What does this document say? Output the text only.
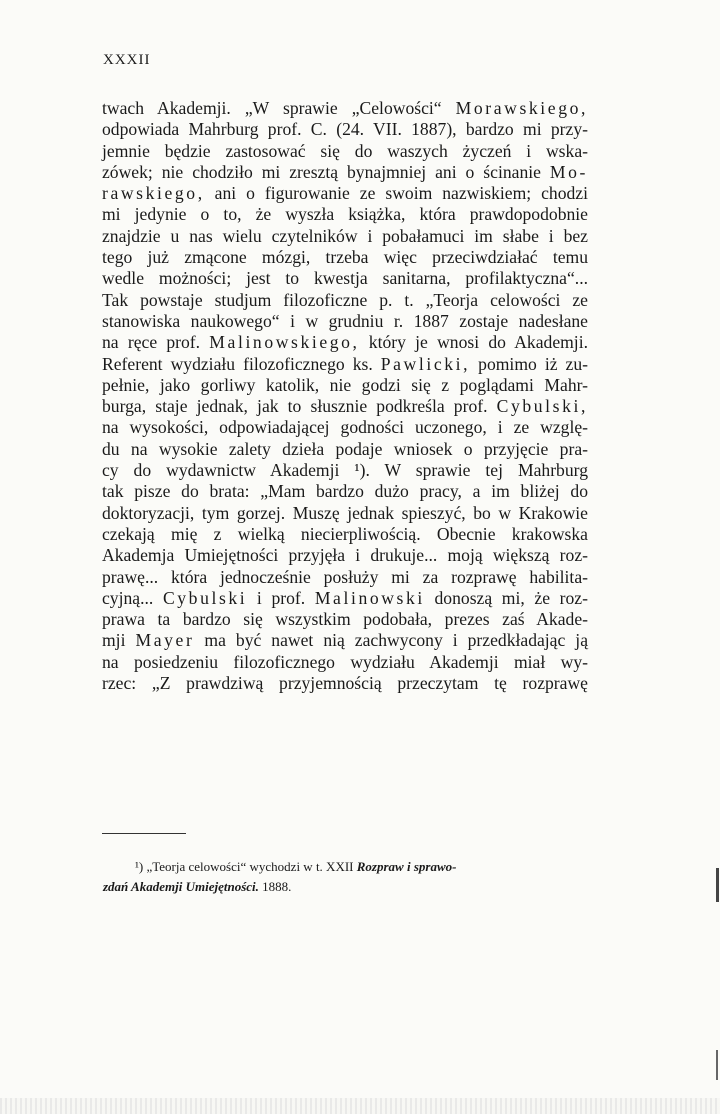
XXXII
twach Akademji. „W sprawie „Celowości“ Morawskiego,
odpowiada Mahrburg prof. C. (24. VII. 1887), bardzo mi przy-
jemnie będzie zastosować się do waszych życzeń i wska-
zówek; nie chodziło mi zresztą bynajmniej ani o ścinanie Mo-
rawskiego, ani o figurowanie ze swoim nazwiskiem; chodzi
mi jedynie o to, że wyszła książka, która prawdopodobnie
znajdzie u nas wielu czytelników i pobałamuci im słabe i bez
tego już zmącone mózgi, trzeba więc przeciwdziałać temu
wedle możności; jest to kwestja sanitarna, profilaktyczna“...
Tak powstaje studjum filozoficzne p. t. „Teorja celowości ze
stanowiska naukowego“ i w grudniu r. 1887 zostaje nadesłane
na ręce prof. Malinowskiego, który je wnosi do Akademji.
Referent wydziału filozoficznego ks. Pawlicki, pomimo iż zu-
pełnie, jako gorliwy katolik, nie godzi się z poglądami Mahr-
burga, staje jednak, jak to słusznie podkreśla prof. Cybulski,
na wysokości, odpowiadającej godności uczonego, i ze wzglę-
du na wysokie zalety dzieła podaje wniosek o przyjęcie pra-
cy do wydawnictw Akademji ¹). W sprawie tej Mahrburg
tak pisze do brata: „Mam bardzo dużo pracy, a im bliżej do
doktoryzacji, tym gorzej. Muszę jednak spieszyć, bo w Krakowie
czekają mię z wielką niecierpliwością. Obecnie krakowska
Akademja Umiejętności przyjęła i drukuje... moją większą roz-
prawę... która jednocześnie posłuży mi za rozprawę habilita-
cyjną... Cybulski i prof. Malinowski donoszą mi, że roz-
prawa ta bardzo się wszystkim podobała, prezes zaś Akade-
mji Mayer ma być nawet nią zachwycony i przedkładając ją
na posiedzeniu filozoficznego wydziału Akademji miał wy-
rzec: „Z prawdziwą przyjemnością przeczytam tę rozprawę
¹) „Teorja celowości“ wychodzi w t. XXII Rozpraw i sprawo-
zdań Akademji Umiejętności. 1888.
